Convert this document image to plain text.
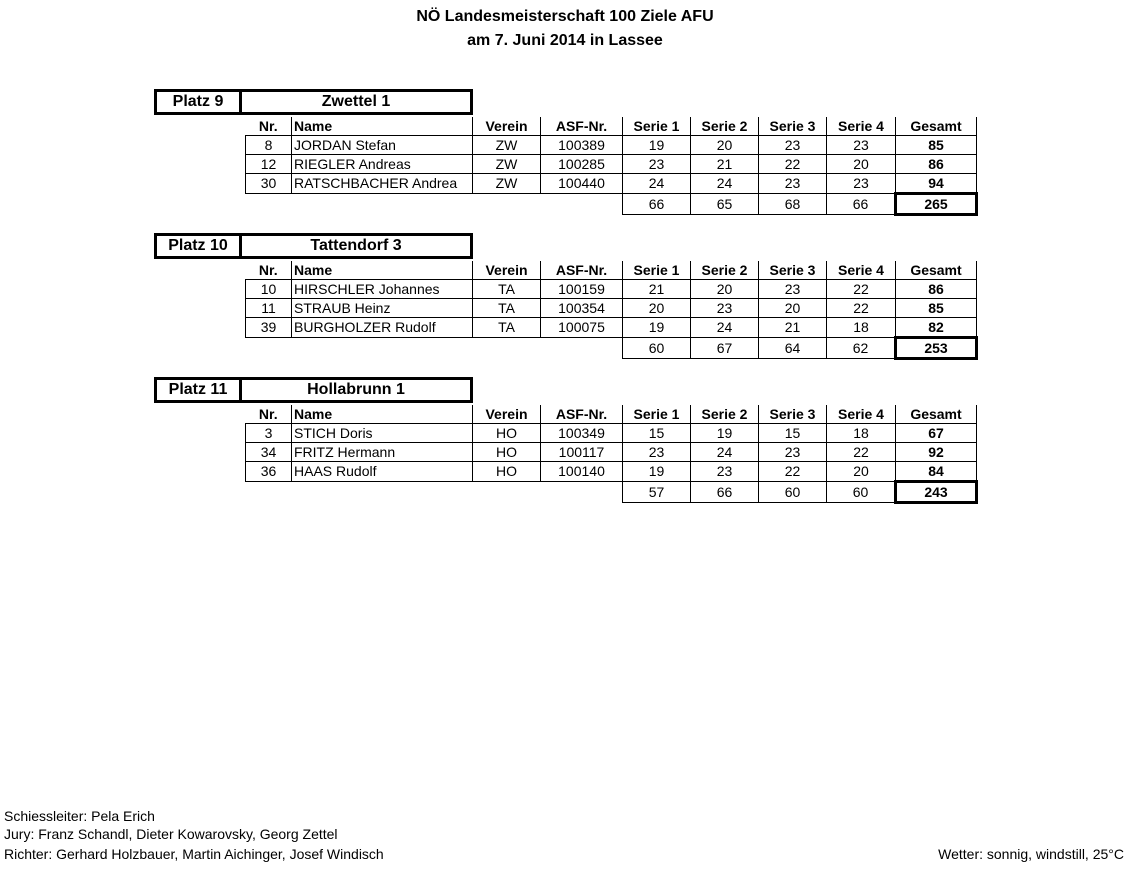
NÖ Landesmeisterschaft 100 Ziele AFU
am 7. Juni 2014 in Lassee
Platz 9	Zwettel 1
Nr.	Name	Verein	ASF-Nr.	Serie 1	Serie 2	Serie 3	Serie 4	Gesamt
8	JORDAN Stefan	ZW	100389	19	20	23	23	85
12	RIEGLER Andreas	ZW	100285	23	21	22	20	86
30	RATSCHBACHER Andrea	ZW	100440	24	24	23	23	94
				66	65	68	66	265
Platz 10	Tattendorf 3
Nr.	Name	Verein	ASF-Nr.	Serie 1	Serie 2	Serie 3	Serie 4	Gesamt
10	HIRSCHLER Johannes	TA	100159	21	20	23	22	86
11	STRAUB Heinz	TA	100354	20	23	20	22	85
39	BURGHOLZER Rudolf	TA	100075	19	24	21	18	82
				60	67	64	62	253
Platz 11	Hollabrunn 1
Nr.	Name	Verein	ASF-Nr.	Serie 1	Serie 2	Serie 3	Serie 4	Gesamt
3	STICH Doris	HO	100349	15	19	15	18	67
34	FRITZ Hermann	HO	100117	23	24	23	22	92
36	HAAS Rudolf	HO	100140	19	23	22	20	84
				57	66	60	60	243
Schiessleiter: Pela Erich
Jury: Franz Schandl, Dieter Kowarovsky, Georg Zettel
Richter: Gerhard Holzbauer, Martin Aichinger, Josef Windisch	Wetter: sonnig, windstill, 25°C
